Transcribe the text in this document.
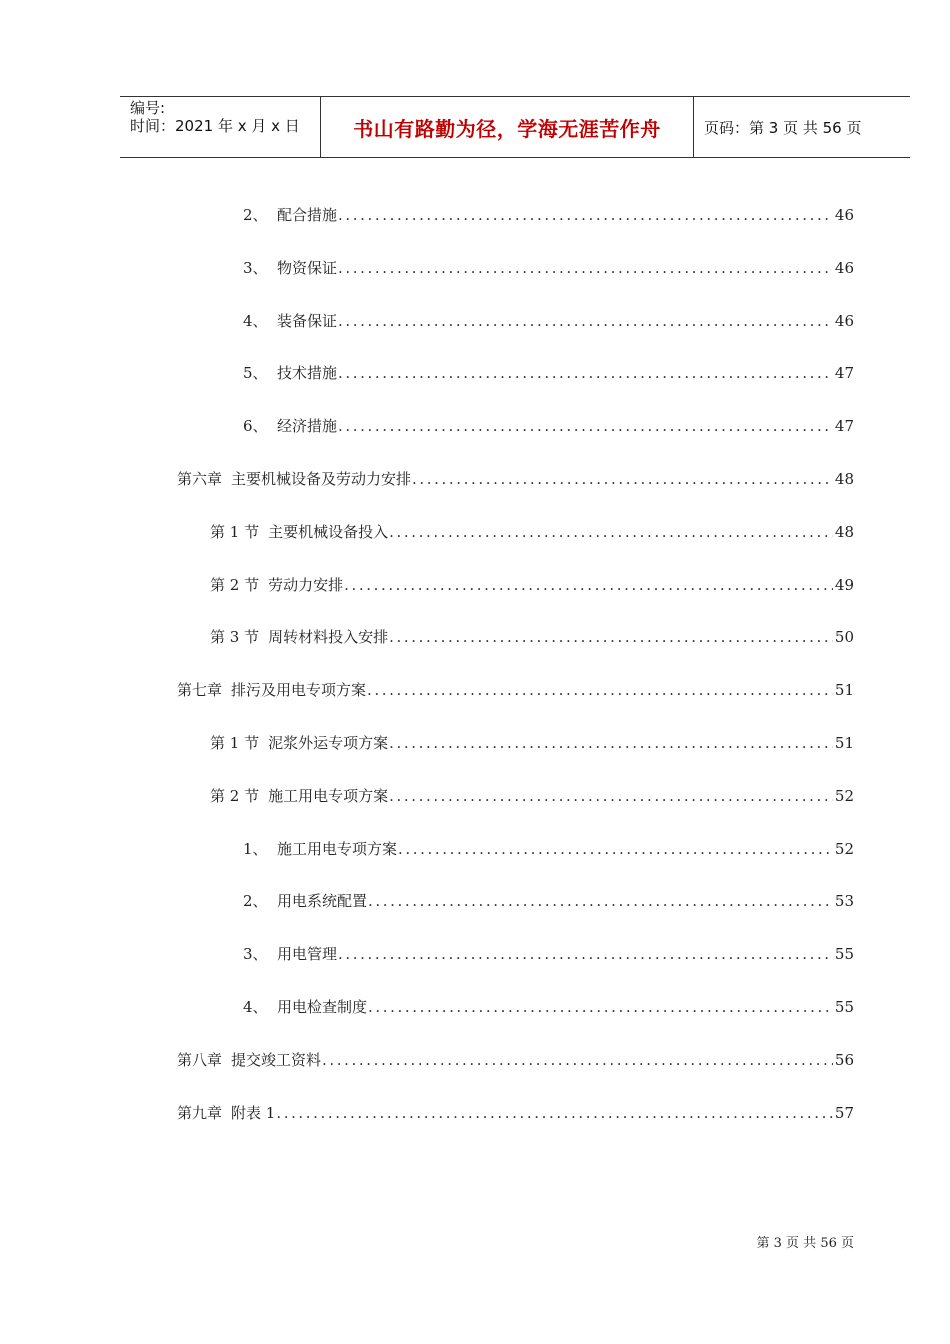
编号:
时间：2021 年 x 月 x 日	书山有路勤为径，学海无涯苦作舟	页码：第 3 页 共 56 页
2、 配合措施 .....	46
3、 物资保证 .....	46
4、 装备保证 .....	46
5、 技术措施 .....	47
6、 经济措施 .....	47
第六章 主要机械设备及劳动力安排 .....	48
第 1 节 主要机械设备投入 .....	48
第 2 节 劳动力安排 .....	49
第 3 节 周转材料投入安排 .....	50
第七章 排污及用电专项方案 .....	51
第 1 节 泥浆外运专项方案 .....	51
第 2 节 施工用电专项方案 .....	52
1、 施工用电专项方案 .....	52
2、 用电系统配置 .....	53
3、 用电管理 .....	55
4、 用电检查制度 .....	55
第八章 提交竣工资料 .....	56
第九章 附表 1 .....	57
第 3 页 共 56 页
